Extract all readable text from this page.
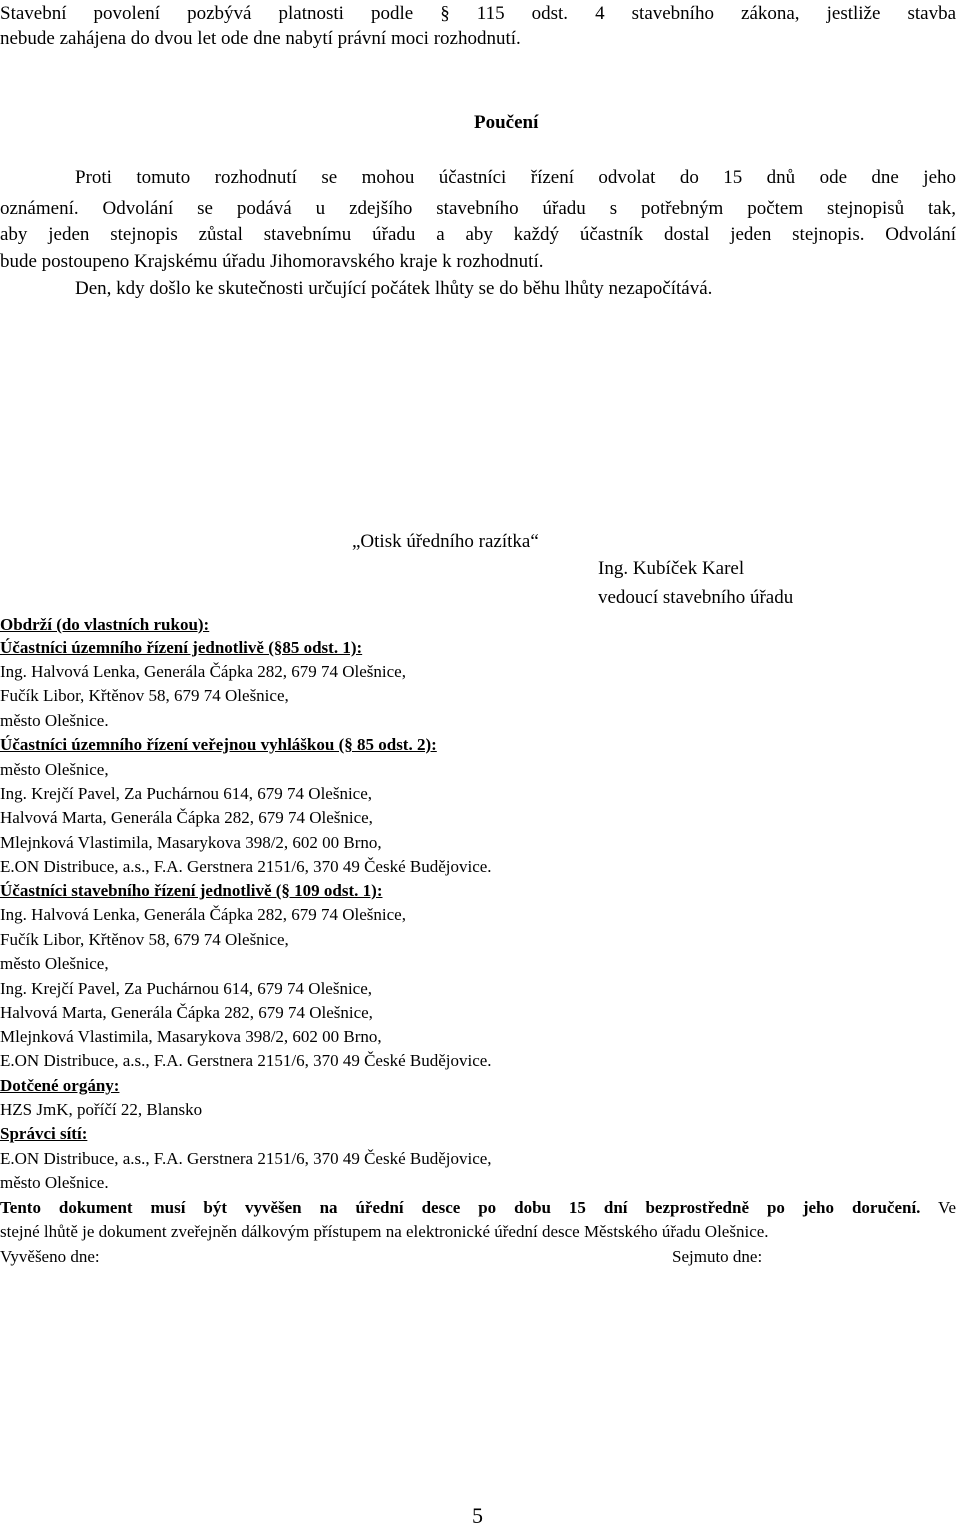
Stavební povolení pozbývá platnosti podle § 115 odst. 4 stavebního zákona, jestliže stavba
nebude zahájena do dvou let ode dne nabytí právní moci rozhodnutí.
Poučení
Proti tomuto rozhodnutí se mohou účastníci řízení odvolat do 15 dnů ode dne jeho
oznámení. Odvolání se podává u zdejšího stavebního úřadu s potřebným počtem stejnopisů tak,
aby jeden stejnopis zůstal stavebnímu úřadu a aby každý účastník dostal jeden stejnopis. Odvolání
bude postoupeno Krajskému úřadu Jihomoravského kraje k rozhodnutí.
Den, kdy došlo ke skutečnosti určující počátek lhůty se do běhu lhůty nezapočítává.
„Otisk úředního razítka“
Ing. Kubíček Karel
vedoucí stavebního úřadu
Obdrží (do vlastních rukou):
Účastníci územního řízení jednotlivě (§85 odst. 1):
Ing. Halvová Lenka, Generála Čápka 282, 679 74 Olešnice,
Fučík Libor, Křtěnov 58, 679 74 Olešnice,
město Olešnice.
Účastníci územního řízení veřejnou vyhláškou (§ 85 odst. 2):
město Olešnice,
Ing. Krejčí Pavel, Za Puchárnou 614, 679 74 Olešnice,
Halvová Marta, Generála Čápka 282, 679 74 Olešnice,
Mlejnková Vlastimila, Masarykova 398/2, 602 00 Brno,
E.ON Distribuce, a.s., F.A. Gerstnera 2151/6, 370 49 České Budějovice.
Účastníci stavebního řízení jednotlivě (§ 109 odst. 1):
Ing. Halvová Lenka, Generála Čápka 282, 679 74 Olešnice,
Fučík Libor, Křtěnov 58, 679 74 Olešnice,
město Olešnice,
Ing. Krejčí Pavel, Za Puchárnou 614, 679 74 Olešnice,
Halvová Marta, Generála Čápka 282, 679 74 Olešnice,
Mlejnková Vlastimila, Masarykova 398/2, 602 00 Brno,
E.ON Distribuce, a.s., F.A. Gerstnera 2151/6, 370 49 České Budějovice.
Dotčené orgány:
HZS JmK, poříčí 22, Blansko
Správci sítí:
E.ON Distribuce, a.s., F.A. Gerstnera 2151/6, 370 49 České Budějovice,
město Olešnice.
Tento dokument musí být vyvěšen na úřední desce po dobu 15 dní bezprostředně po jeho doručení. Ve
stejné lhůtě je dokument zveřejněn dálkovým přístupem na elektronické úřední desce Městského úřadu Olešnice.
Vyvěšeno dne:	Sejmuto dne:
5
